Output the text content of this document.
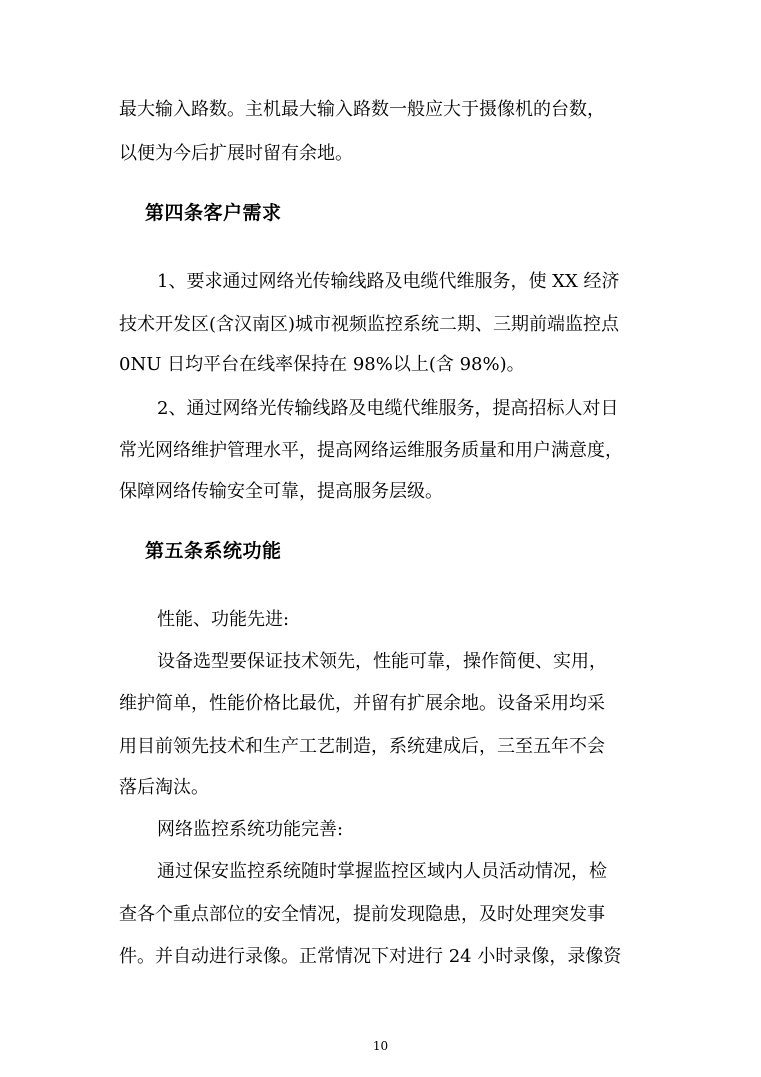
最大输入路数。主机最大输入路数一般应大于摄像机的台数，

以便为今后扩展时留有余地。

第四条客户需求

1、要求通过网络光传输线路及电缆代维服务，使 XX 经济

技术开发区(含汉南区)城市视频监控系统二期、三期前端监控点

0NU 日均平台在线率保持在 98%以上(含 98%)。

2、通过网络光传输线路及电缆代维服务，提高招标人对日

常光网络维护管理水平，提高网络运维服务质量和用户满意度，

保障网络传输安全可靠，提高服务层级。

第五条系统功能

性能、功能先进:

设备选型要保证技术领先，性能可靠，操作简便、实用，

维护简单，性能价格比最优，并留有扩展余地。设备采用均采

用目前领先技术和生产工艺制造，系统建成后，三至五年不会

落后淘汰。

网络监控系统功能完善:

通过保安监控系统随时掌握监控区域内人员活动情况，检

查各个重点部位的安全情况，提前发现隐患，及时处理突发事

件。并自动进行录像。正常情况下对进行 24 小时录像，录像资

10
